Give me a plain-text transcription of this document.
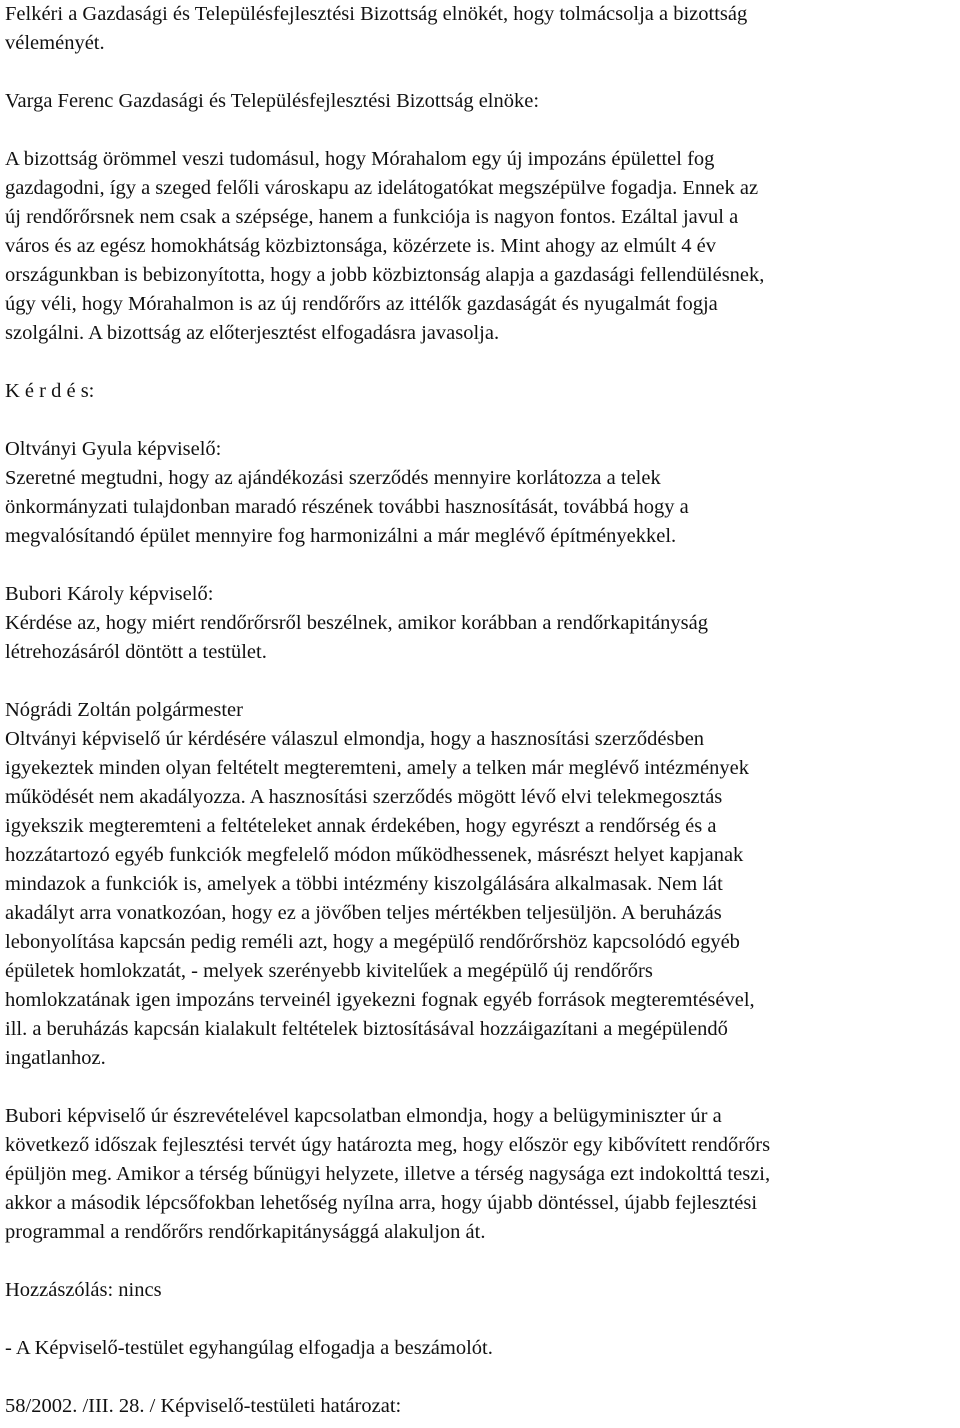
Felkéri a Gazdasági és Településfejlesztési Bizottság elnökét, hogy tolmácsolja a bizottság

véleményét.

Varga Ferenc Gazdasági és Településfejlesztési Bizottság elnöke:

A bizottság örömmel veszi tudomásul, hogy Mórahalom egy új impozáns épülettel fog

gazdagodni, így a szeged felőli városkapu az idelátogatókat megszépülve fogadja. Ennek az

új rendőrőrsnek nem csak a szépsége, hanem a funkciója is nagyon fontos. Ezáltal javul a

város és az egész homokhátság közbiztonsága, közérzete is. Mint ahogy az elmúlt 4 év

országunkban is bebizonyította, hogy a jobb közbiztonság alapja a gazdasági fellendülésnek,

úgy véli, hogy Mórahalmon is az új rendőrőrs az ittélők gazdaságát és nyugalmát fogja

szolgálni. A bizottság az előterjesztést elfogadásra javasolja.

K é r d é s:

Oltványi Gyula képviselő:

Szeretné megtudni, hogy az ajándékozási szerződés mennyire korlátozza a telek

önkormányzati tulajdonban maradó részének további hasznosítását, továbbá hogy a

megvalósítandó épület mennyire fog harmonizálni a már meglévő építményekkel.

Bubori Károly képviselő:

Kérdése az, hogy miért rendőrőrsről beszélnek, amikor korábban a rendőrkapitányság

létrehozásáról döntött a testület.

Nógrádi Zoltán polgármester

Oltványi képviselő úr kérdésére válaszul elmondja, hogy a hasznosítási szerződésben

igyekeztek minden olyan feltételt megteremteni, amely a telken már meglévő intézmények

működését nem akadályozza. A hasznosítási szerződés mögött lévő elvi telekmegosztás

igyekszik megteremteni a feltételeket annak érdekében, hogy egyrészt a rendőrség és a

hozzátartozó egyéb funkciók megfelelő módon működhessenek, másrészt helyet kapjanak

mindazok a funkciók is, amelyek a többi intézmény kiszolgálására alkalmasak. Nem lát

akadályt arra vonatkozóan, hogy ez a jövőben teljes mértékben teljesüljön. A beruházás

lebonyolítása kapcsán pedig reméli azt, hogy a megépülő rendőrőrshöz kapcsolódó egyéb

épületek homlokzatát, - melyek szerényebb kivitelűek a megépülő új rendőrőrs

homlokzatának igen impozáns terveinél igyekezni fognak egyéb források megteremtésével,

ill. a beruházás kapcsán kialakult feltételek biztosításával hozzáigazítani a megépülendő

ingatlanhoz.

Bubori képviselő úr észrevételével kapcsolatban elmondja, hogy a belügyminiszter úr a

következő időszak fejlesztési tervét úgy határozta meg, hogy először egy kibővített rendőrőrs

épüljön meg. Amikor a térség bűnügyi helyzete, illetve a térség nagysága ezt indokolttá teszi,

akkor a második lépcsőfokban lehetőség nyílna arra, hogy újabb döntéssel, újabb fejlesztési

programmal a rendőrőrs rendőrkapitánysággá alakuljon át.

Hozzászólás: nincs

- A Képviselő-testület egyhangúlag elfogadja a beszámolót.

58/2002. /III. 28. / Képviselő-testületi határozat:
